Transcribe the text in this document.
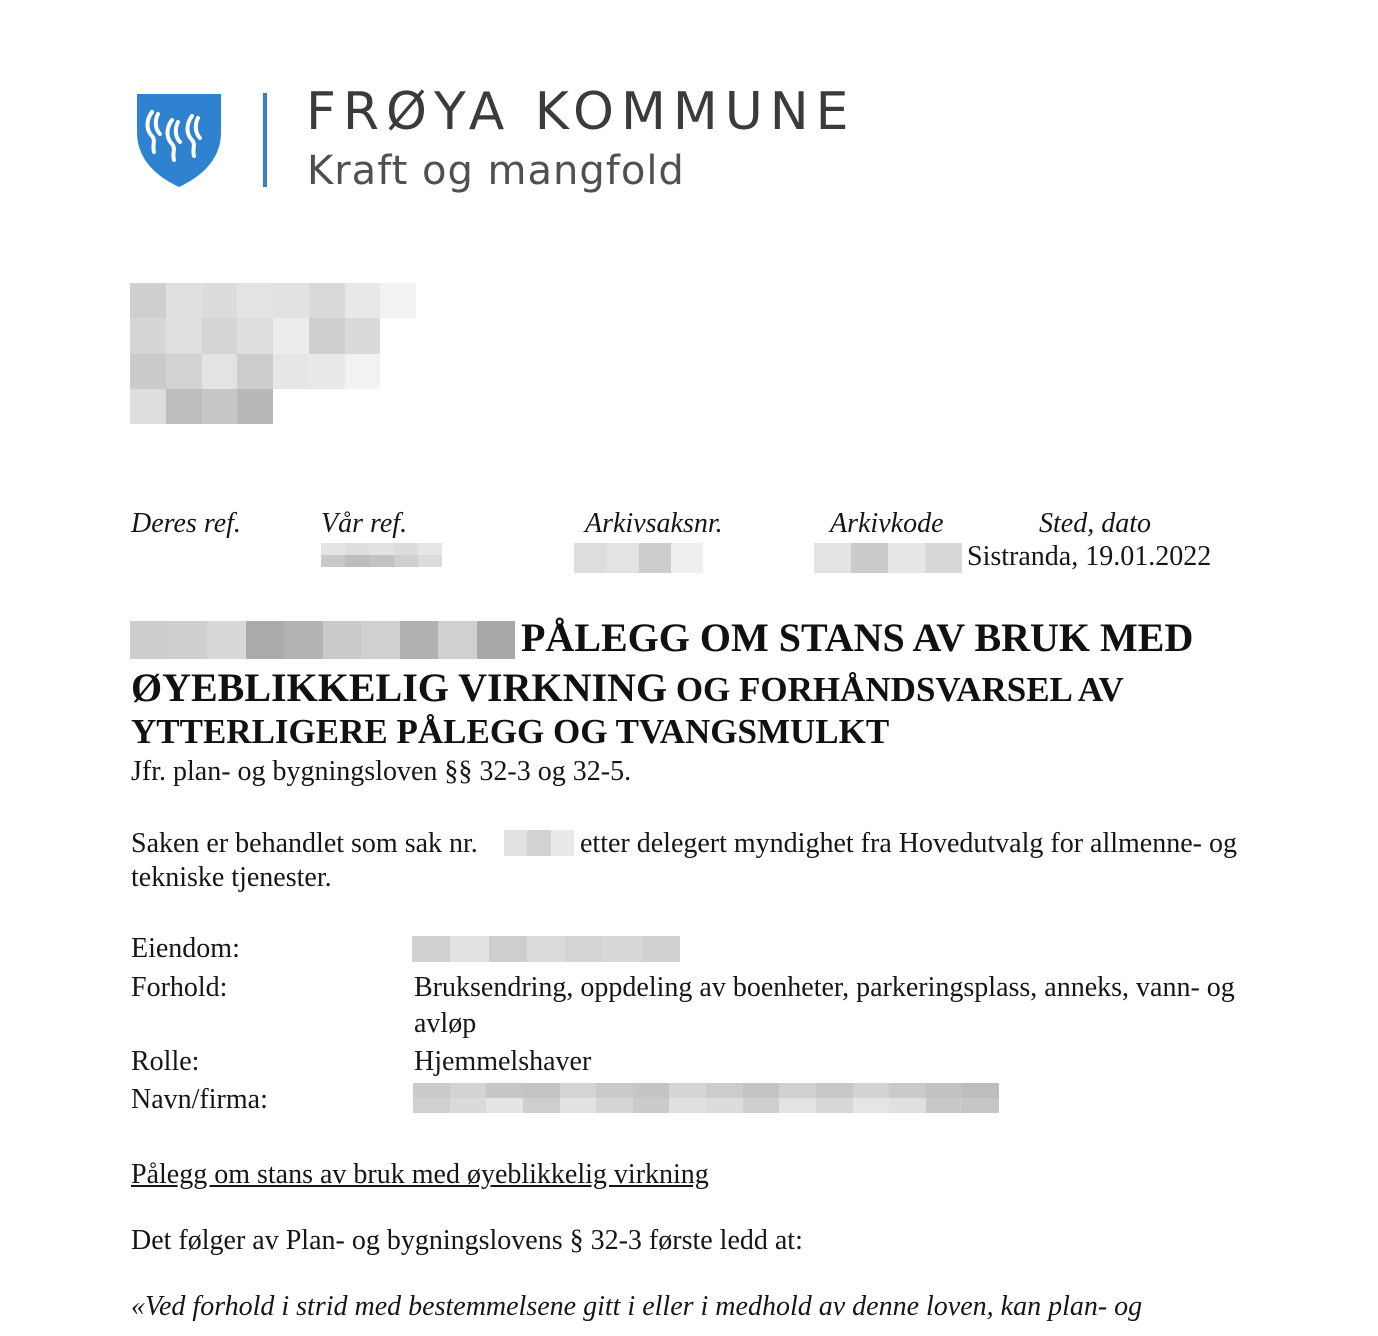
FRØYA KOMMUNE
Kraft og mangfold
Deres ref.	Vår ref.	Arkivsaksnr.	Arkivkode	Sted, dato
Sistranda, 19.01.2022
PÅLEGG OM STANS AV BRUK MED
ØYEBLIKKELIG VIRKNING OG FORHÅNDSVARSEL AV
YTTERLIGERE PÅLEGG OG TVANGSMULKT
Jfr. plan- og bygningsloven §§ 32-3 og 32-5.
Saken er behandlet som sak nr.	etter delegert myndighet fra Hovedutvalg for allmenne- og
tekniske tjenester.
Eiendom:
Forhold:	Bruksendring, oppdeling av boenheter, parkeringsplass, anneks, vann- og
avløp
Rolle:	Hjemmelshaver
Navn/firma:
Pålegg om stans av bruk med øyeblikkelig virkning
Det følger av Plan- og bygningslovens § 32-3 første ledd at:
«Ved forhold i strid med bestemmelsene gitt i eller i medhold av denne loven, kan plan- og
